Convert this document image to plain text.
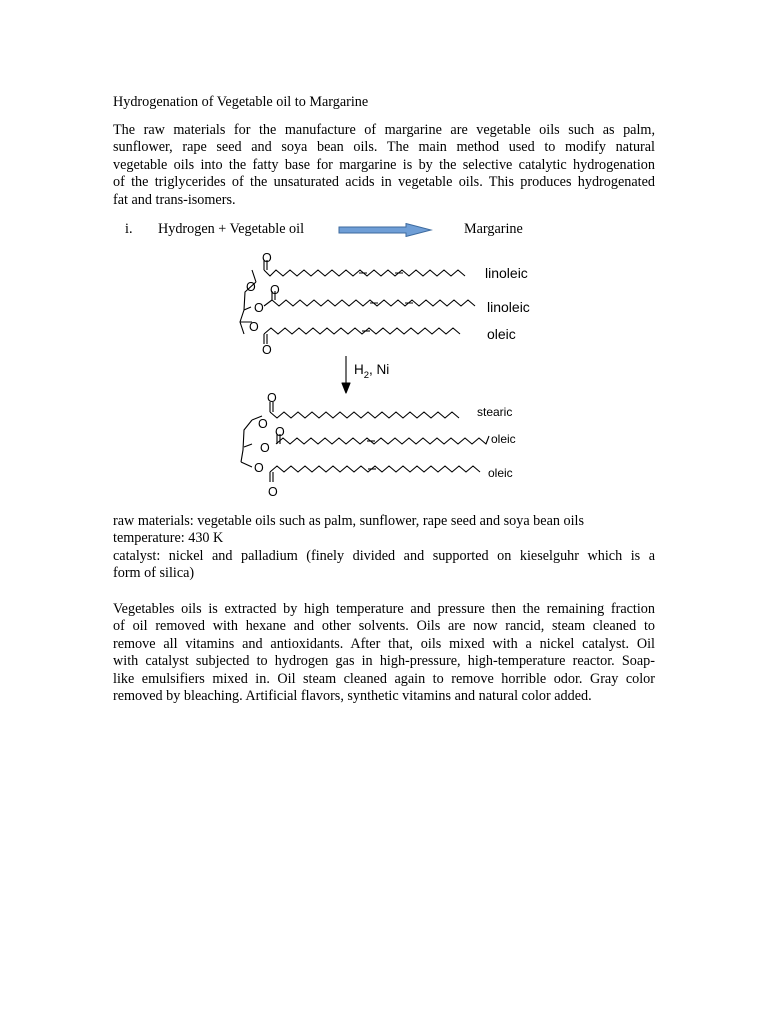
Hydrogenation of Vegetable oil to Margarine
The raw materials for the manufacture of margarine are vegetable oils such as palm,
sunflower, rape seed and soya bean oils. The main method used to modify natural
vegetable oils into the fatty base for margarine is by the selective catalytic hydrogenation
of the triglycerides of the unsaturated acids in vegetable oils. This produces hydrogenated
fat and trans-isomers.
i. Hydrogen + Vegetable oil	Margarine
O
O
O
O
O
O
O
O
O
O
O
O
linoleic
linoleic
oleic
$H_2$, Ni
stearic
oleic
oleic
raw materials: vegetable oils such as palm, sunflower, rape seed and soya bean oils
temperature: 430 K
catalyst: nickel and palladium (finely divided and supported on kieselguhr which is a
form of silica)
Vegetables oils is extracted by high temperature and pressure then the remaining fraction
of oil removed with hexane and other solvents. Oils are now rancid, steam cleaned to
remove all vitamins and antioxidants. After that, oils mixed with a nickel catalyst. Oil
with catalyst subjected to hydrogen gas in high-pressure, high-temperature reactor. Soap-
like emulsifiers mixed in. Oil steam cleaned again to remove horrible odor. Gray color
removed by bleaching. Artificial flavors, synthetic vitamins and natural color added.
